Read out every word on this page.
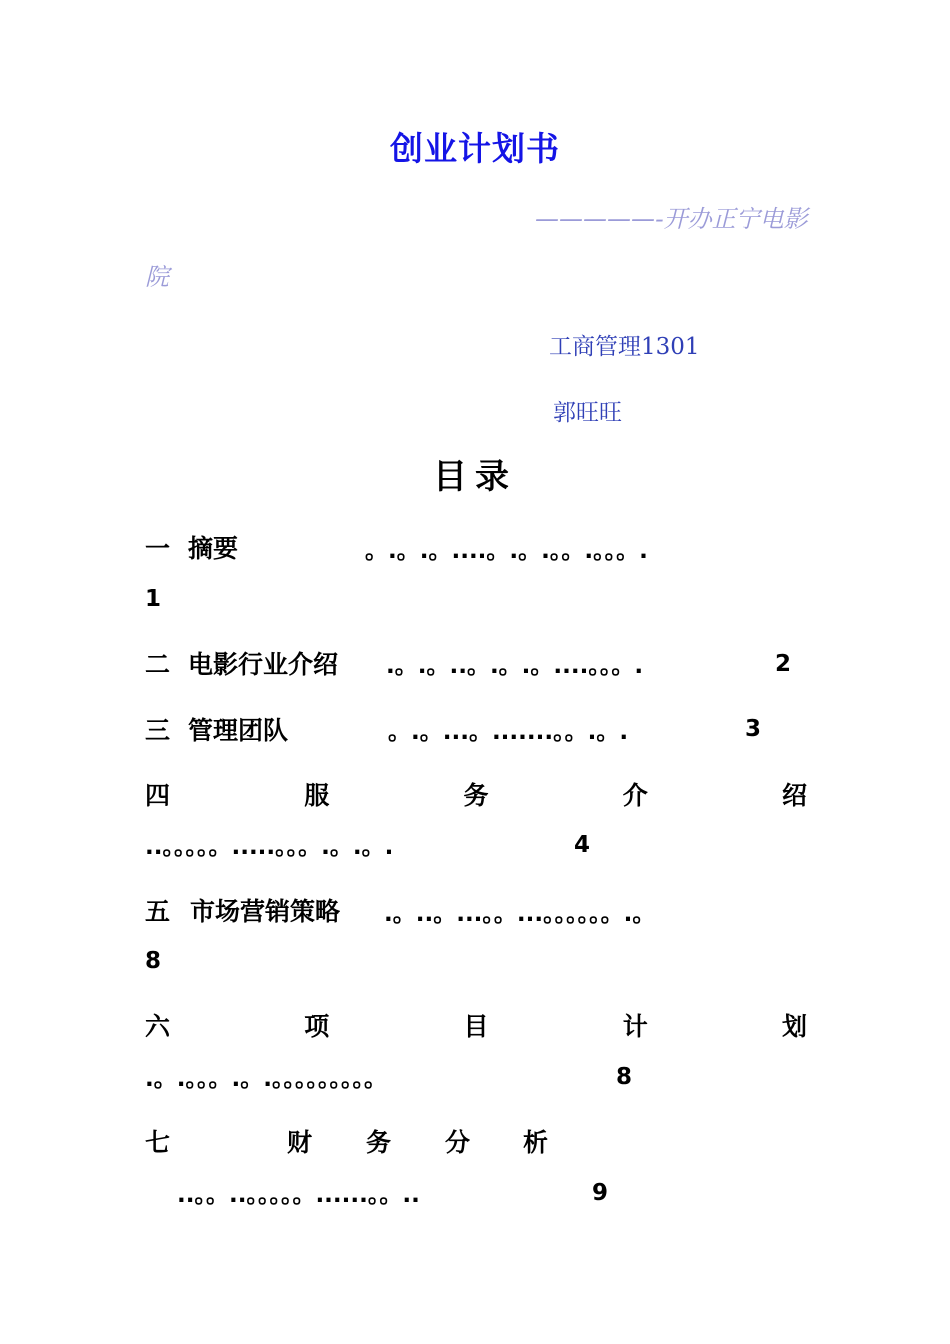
创业计划书
—————-开办正宁电影
院
工商管理1301
郭旺旺
目录
一 摘要	。.。.。....。.。.。。.。。。.
1
二 电影行业介绍 .。.。..。.。.。....。。。.	2
三 管理团队	。.。...。.......。。.。.	3
四	服	务	介	绍
..。。。。。.....。。。.。.。.	4
五 市场营销策略 .。..。...。。...。。。。。。.。
8
六	项	目	计	划
.。.。。。.。.。。。。。。。。。	8
七	财 务 分 析
..。。..。。。。。......。。..	9
